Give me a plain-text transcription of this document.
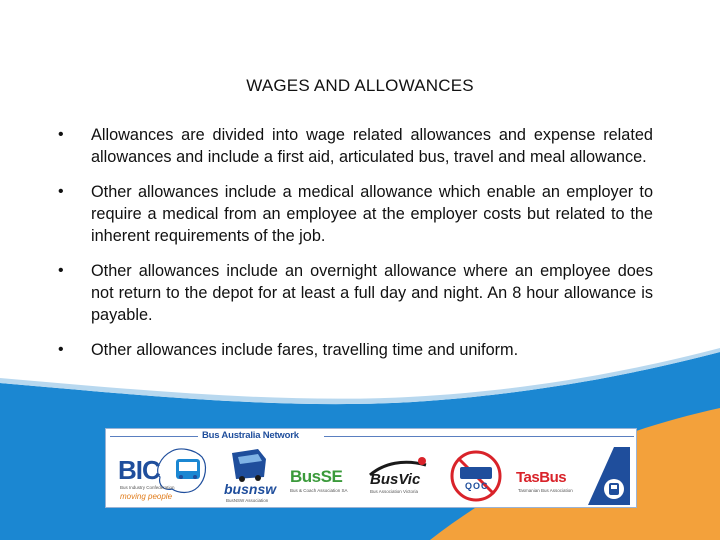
WAGES AND ALLOWANCES
• Allowances are divided into wage related allowances and expense related allowances and include a first aid, articulated bus, travel and meal allowance.
• Other allowances include a medical allowance which enable an employer to require a medical from an employee at the employer costs but related to the inherent requirements of the job.
• Other allowances include an overnight allowance where an employee does not return to the depot for at least a full day and night. An 8 hour allowance is payable.
• Other allowances include fares, travelling time and uniform.
Bus Australia Network
BIC
Bus Industry Confederation
moving people	busnsw
BusNSW Association
BusSE
Bus & Coach Association SA
BusVic
Bus Association Victoria
QOC TasBus
Tasmanian Bus Association
